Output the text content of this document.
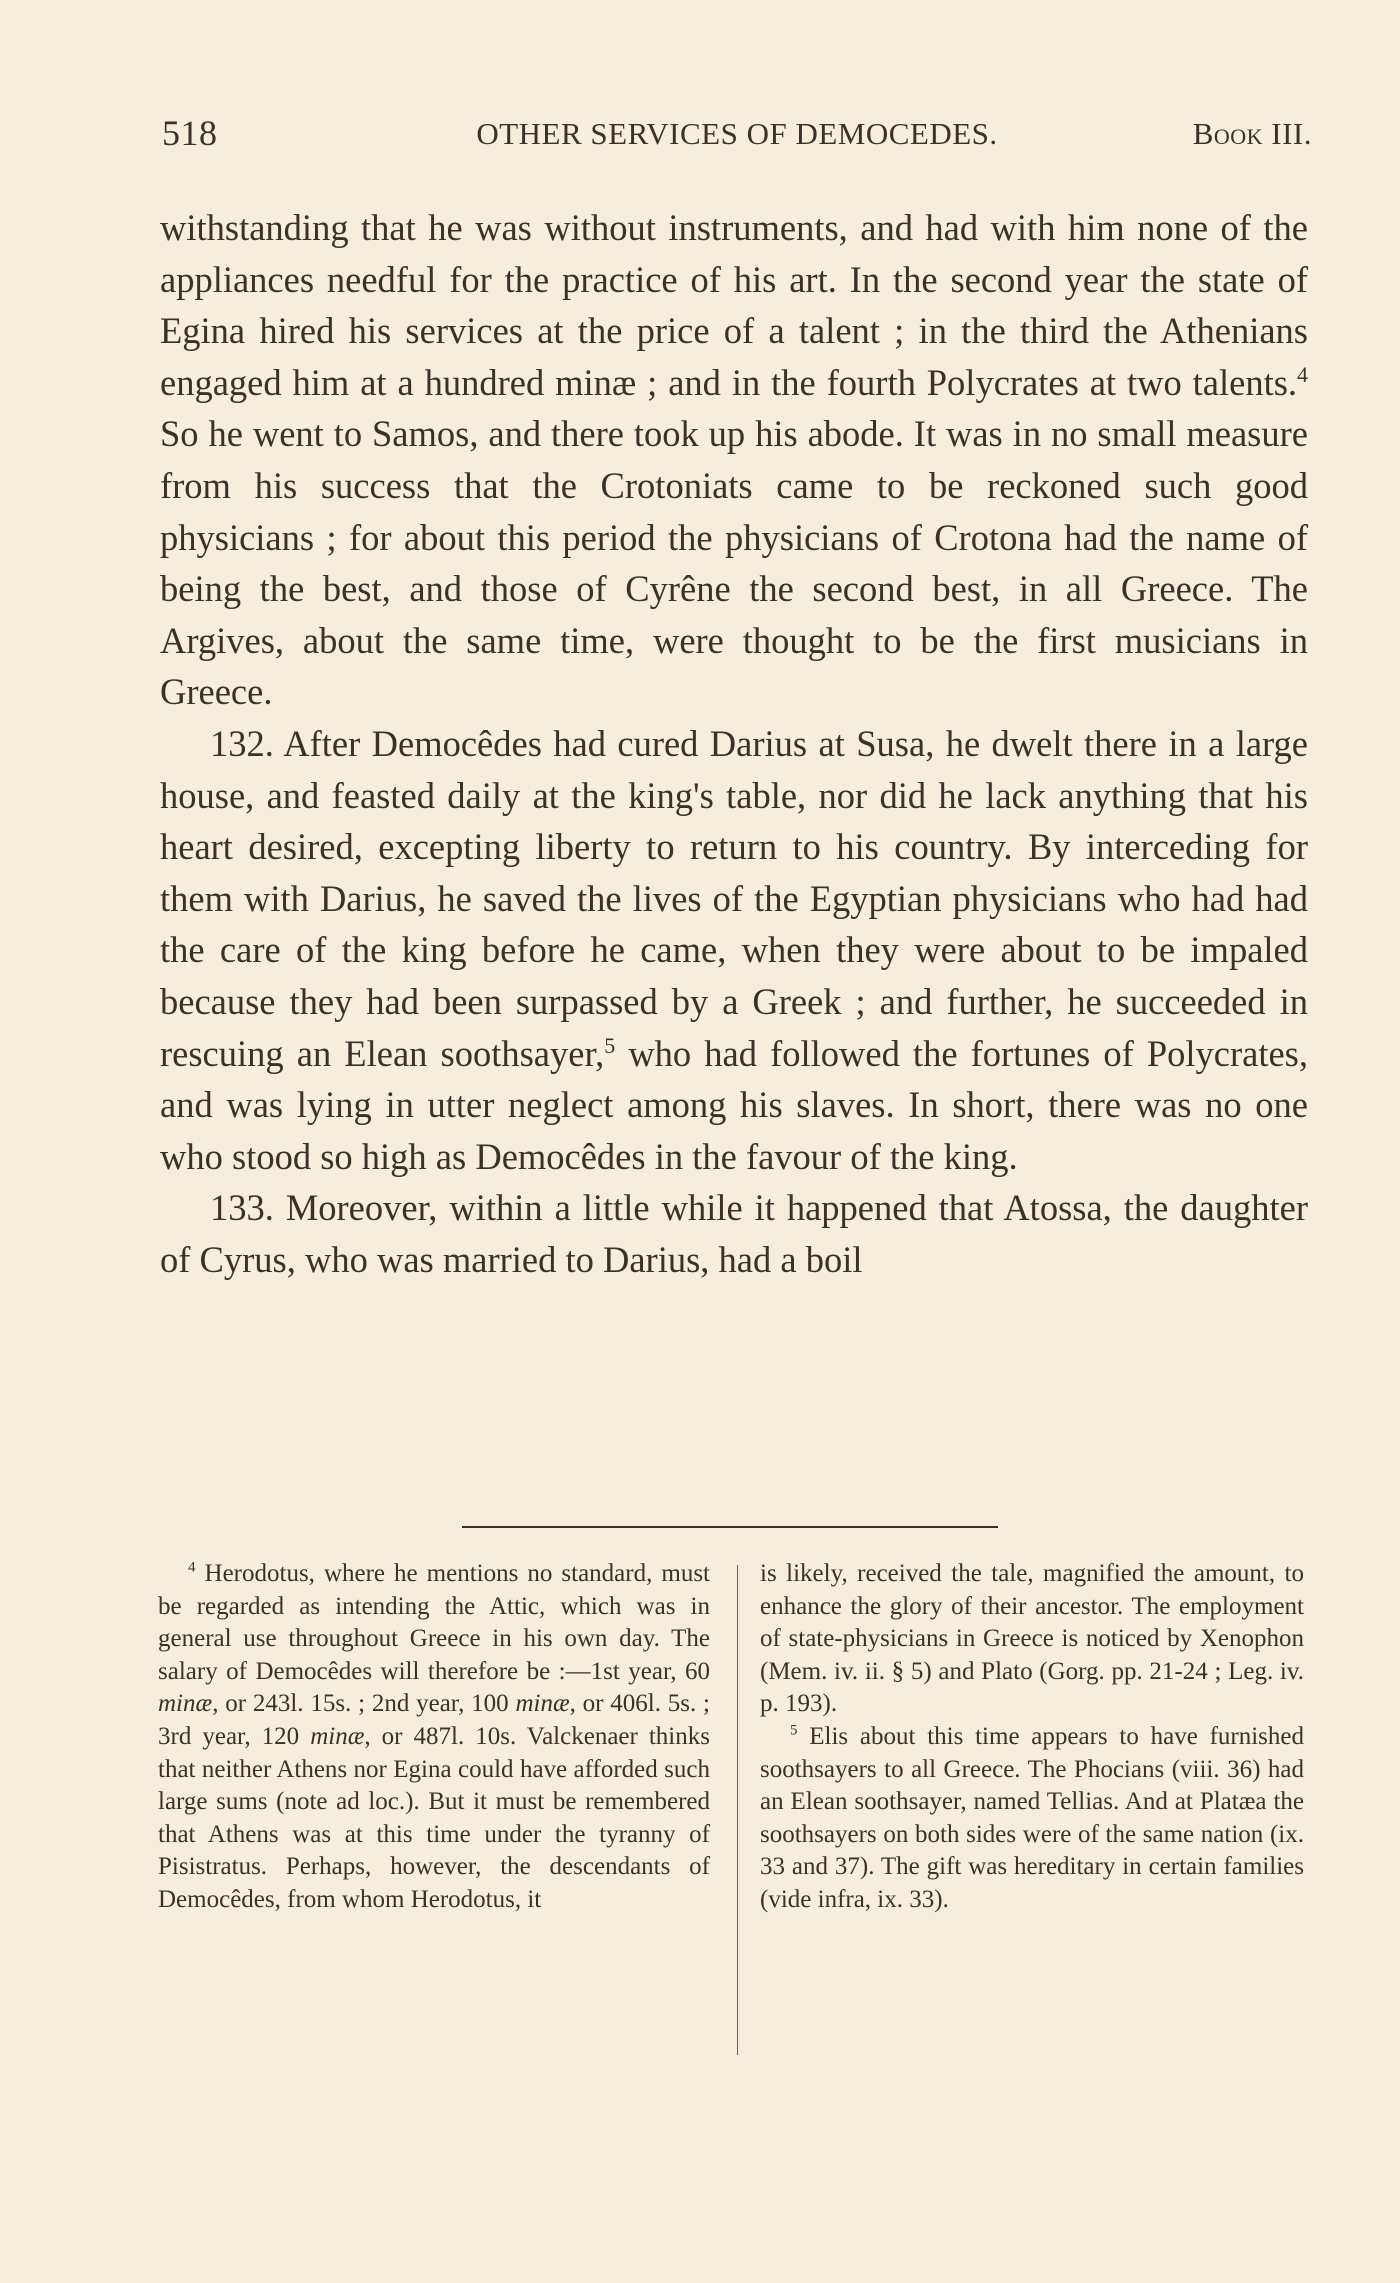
518	OTHER SERVICES OF DEMOCEDES.	Book III.

withstanding that he was without instruments, and had with him none of the appliances needful for the practice of his art. In the second year the state of Egina hired his services at the price of a talent ; in the third the Athenians engaged him at a hundred minæ ; and in the fourth Polycrates at two talents.$^4$ So he went to Samos, and there took up his abode. It was in no small measure from his success that the Crotoniats came to be reckoned such good physicians ; for about this period the physicians of Crotona had the name of being the best, and those of Cyrêne the second best, in all Greece. The Argives, about the same time, were thought to be the first musicians in Greece.

132. After Democêdes had cured Darius at Susa, he dwelt there in a large house, and feasted daily at the king's table, nor did he lack anything that his heart desired, excepting liberty to return to his country. By interceding for them with Darius, he saved the lives of the Egyptian physicians who had had the care of the king before he came, when they were about to be impaled because they had been surpassed by a Greek ; and further, he succeeded in rescuing an Elean soothsayer,$^5$ who had followed the fortunes of Polycrates, and was lying in utter neglect among his slaves. In short, there was no one who stood so high as Democêdes in the favour of the king.

133. Moreover, within a little while it happened that Atossa, the daughter of Cyrus, who was married to Darius, had a boil

$^4$ Herodotus, where he mentions no standard, must be regarded as intending the Attic, which was in general use throughout Greece in his own day. The salary of Democêdes will therefore be :—1st year, 60 minæ, or 243l. 15s. ; 2nd year, 100 minæ, or 406l. 5s. ; 3rd year, 120 minæ, or 487l. 10s. Valckenaer thinks that neither Athens nor Egina could have afforded such large sums (note ad loc.). But it must be remembered that Athens was at this time under the tyranny of Pisistratus. Perhaps, however, the descendants of Democêdes, from whom Herodotus, it

is likely, received the tale, magnified the amount, to enhance the glory of their ancestor. The employment of state-physicians in Greece is noticed by Xenophon (Mem. iv. ii. § 5) and Plato (Gorg. pp. 21-24 ; Leg. iv. p. 193).

$^5$ Elis about this time appears to have furnished soothsayers to all Greece. The Phocians (viii. 36) had an Elean soothsayer, named Tellias. And at Platæa the soothsayers on both sides were of the same nation (ix. 33 and 37). The gift was hereditary in certain families (vide infra, ix. 33).
